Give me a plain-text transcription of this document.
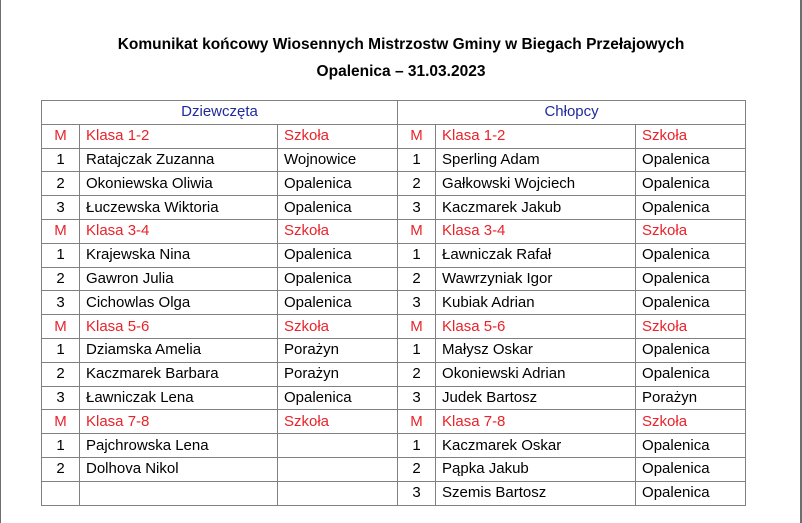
Komunikat końcowy Wiosennych Mistrzostw Gminy w Biegach Przełajowych
Opalenica – 31.03.2023
Dziewczęta			Chłopcy		
M	Klasa 1-2	Szkoła	M	Klasa 1-2	Szkoła
1	Ratajczak Zuzanna	Wojnowice	1	Sperling Adam	Opalenica
2	Okoniewska Oliwia	Opalenica	2	Gałkowski Wojciech	Opalenica
3	Łuczewska Wiktoria	Opalenica	3	Kaczmarek Jakub	Opalenica
M	Klasa 3-4	Szkoła	M	Klasa 3-4	Szkoła
1	Krajewska Nina	Opalenica	1	Ławniczak Rafał	Opalenica
2	Gawron Julia	Opalenica	2	Wawrzyniak Igor	Opalenica
3	Cichowlas Olga	Opalenica	3	Kubiak Adrian	Opalenica
M	Klasa 5-6	Szkoła	M	Klasa 5-6	Szkoła
1	Dziamska Amelia	Porażyn	1	Małysz Oskar	Opalenica
2	Kaczmarek Barbara	Porażyn	2	Okoniewski Adrian	Opalenica
3	Ławniczak Lena	Opalenica	3	Judek Bartosz	Porażyn
M	Klasa 7-8	Szkoła	M	Klasa 7-8	Szkoła
1	Pajchrowska Lena		1	Kaczmarek Oskar	Opalenica
2	Dolhova Nikol		2	Pąpka Jakub	Opalenica
			3	Szemis Bartosz	Opalenica
